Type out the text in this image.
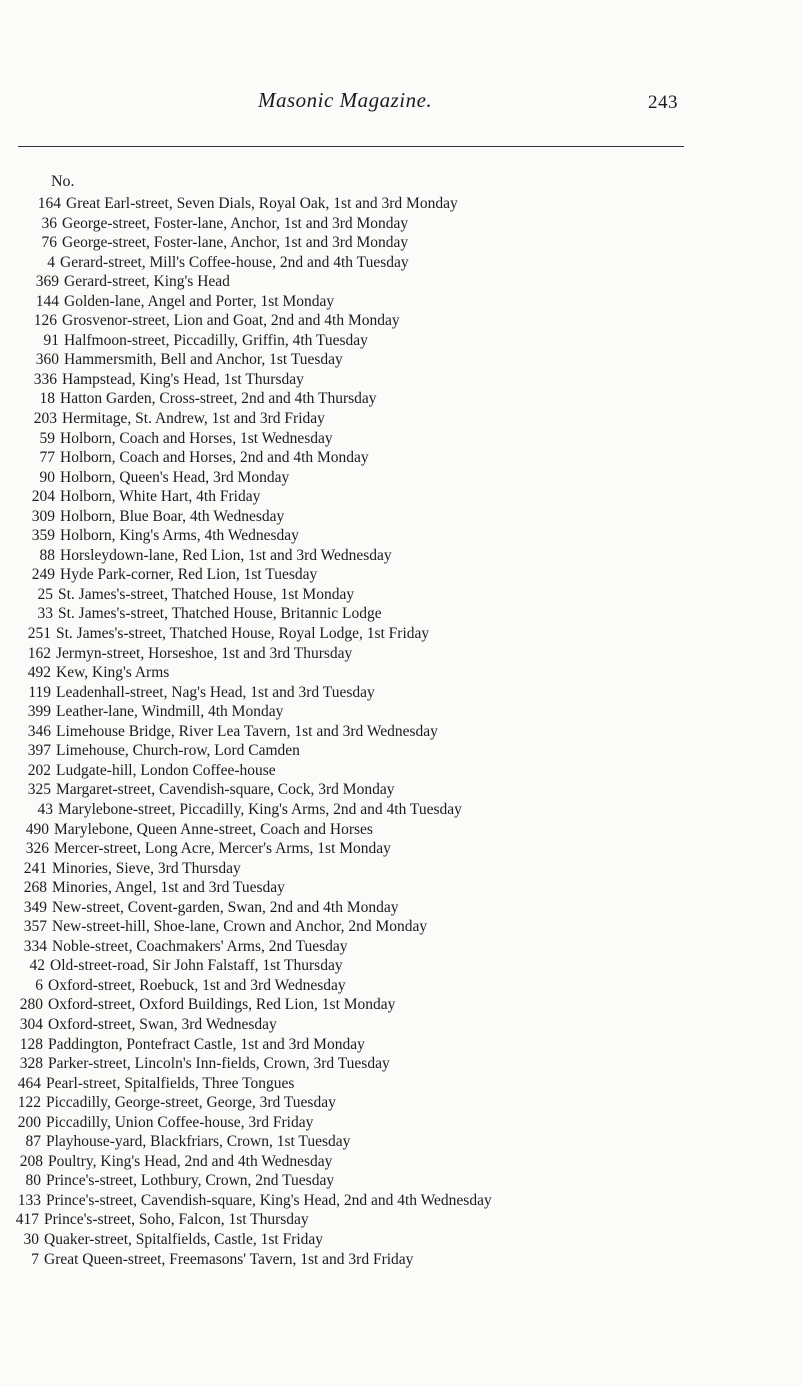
Masonic Magazine.	243
No.
164 Great Earl-street, Seven Dials, Royal Oak, 1st and 3rd Monday
36 George-street, Foster-lane, Anchor, 1st and 3rd Monday
76 George-street, Foster-lane, Anchor, 1st and 3rd Monday
4 Gerard-street, Mill's Coffee-house, 2nd and 4th Tuesday
369 Gerard-street, King's Head
144 Golden-lane, Angel and Porter, 1st Monday
126 Grosvenor-street, Lion and Goat, 2nd and 4th Monday
91 Halfmoon-street, Piccadilly, Griffin, 4th Tuesday
360 Hammersmith, Bell and Anchor, 1st Tuesday
336 Hampstead, King's Head, 1st Thursday
18 Hatton Garden, Cross-street, 2nd and 4th Thursday
203 Hermitage, St. Andrew, 1st and 3rd Friday
59 Holborn, Coach and Horses, 1st Wednesday
77 Holborn, Coach and Horses, 2nd and 4th Monday
90 Holborn, Queen's Head, 3rd Monday
204 Holborn, White Hart, 4th Friday
309 Holborn, Blue Boar, 4th Wednesday
359 Holborn, King's Arms, 4th Wednesday
88 Horsleydown-lane, Red Lion, 1st and 3rd Wednesday
249 Hyde Park-corner, Red Lion, 1st Tuesday
25 St. James's-street, Thatched House, 1st Monday
33 St. James's-street, Thatched House, Britannic Lodge
251 St. James's-street, Thatched House, Royal Lodge, 1st Friday
162 Jermyn-street, Horseshoe, 1st and 3rd Thursday
492 Kew, King's Arms
119 Leadenhall-street, Nag's Head, 1st and 3rd Tuesday
399 Leather-lane, Windmill, 4th Monday
346 Limehouse Bridge, River Lea Tavern, 1st and 3rd Wednesday
397 Limehouse, Church-row, Lord Camden
202 Ludgate-hill, London Coffee-house
325 Margaret-street, Cavendish-square, Cock, 3rd Monday
43 Marylebone-street, Piccadilly, King's Arms, 2nd and 4th Tuesday
490 Marylebone, Queen Anne-street, Coach and Horses
326 Mercer-street, Long Acre, Mercer's Arms, 1st Monday
241 Minories, Sieve, 3rd Thursday
268 Minories, Angel, 1st and 3rd Tuesday
349 New-street, Covent-garden, Swan, 2nd and 4th Monday
357 New-street-hill, Shoe-lane, Crown and Anchor, 2nd Monday
334 Noble-street, Coachmakers' Arms, 2nd Tuesday
42 Old-street-road, Sir John Falstaff, 1st Thursday
6 Oxford-street, Roebuck, 1st and 3rd Wednesday
280 Oxford-street, Oxford Buildings, Red Lion, 1st Monday
304 Oxford-street, Swan, 3rd Wednesday
128 Paddington, Pontefract Castle, 1st and 3rd Monday
328 Parker-street, Lincoln's Inn-fields, Crown, 3rd Tuesday
464 Pearl-street, Spitalfields, Three Tongues
122 Piccadilly, George-street, George, 3rd Tuesday
200 Piccadilly, Union Coffee-house, 3rd Friday
87 Playhouse-yard, Blackfriars, Crown, 1st Tuesday
208 Poultry, King's Head, 2nd and 4th Wednesday
80 Prince's-street, Lothbury, Crown, 2nd Tuesday
133 Prince's-street, Cavendish-square, King's Head, 2nd and 4th Wednesday
417 Prince's-street, Soho, Falcon, 1st Thursday
30 Quaker-street, Spitalfields, Castle, 1st Friday
7 Great Queen-street, Freemasons' Tavern, 1st and 3rd Friday
